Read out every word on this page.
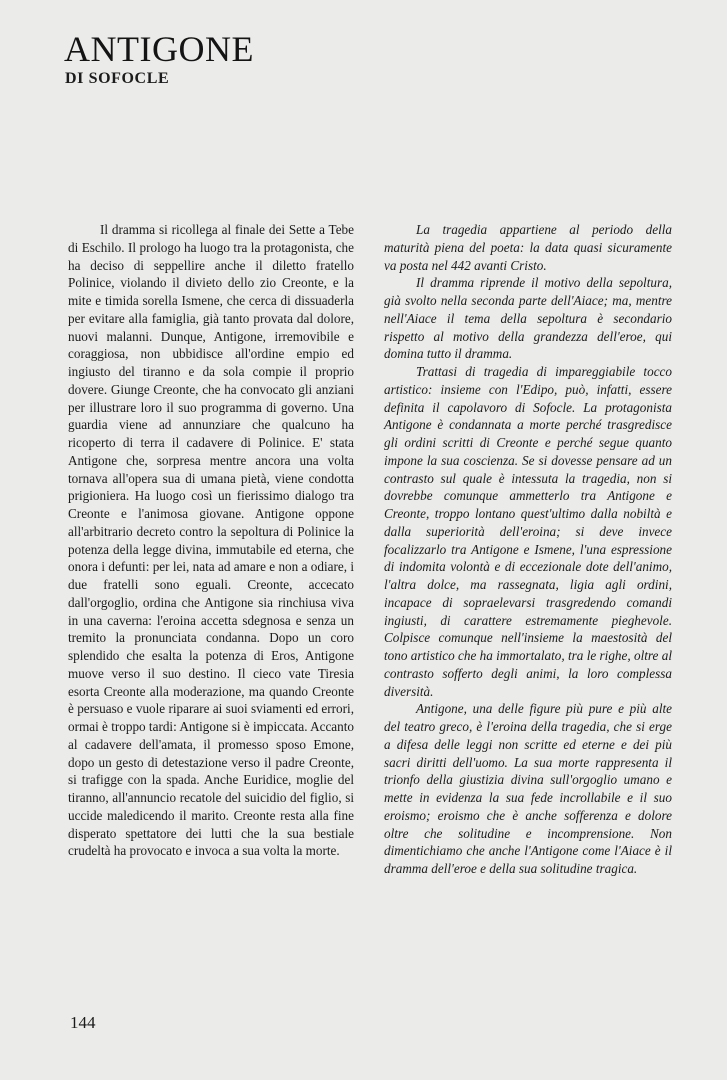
ANTIGONE
DI SOFOCLE

Il dramma si ricollega al finale dei Sette a Tebe di Eschilo. Il prologo ha luogo tra la protagonista, che ha deciso di seppellire anche il diletto fratello Polinice, violando il divieto dello zio Creonte, e la mite e timida sorella Ismene, che cerca di dissuaderla per evitare alla famiglia, già tanto provata dal dolore, nuovi malanni. Dunque, Antigone, irremovibile e coraggiosa, non ubbidisce all'ordine empio ed ingiusto del tiranno e da sola compie il proprio dovere. Giunge Creonte, che ha convocato gli anziani per illustrare loro il suo programma di governo. Una guardia viene ad annunziare che qualcuno ha ricoperto di terra il cadavere di Polinice. E' stata Antigone che, sorpresa mentre ancora una volta tornava all'opera sua di umana pietà, viene condotta prigioniera. Ha luogo così un fierissimo dialogo tra Creonte e l'animosa giovane. Antigone oppone all'arbitrario decreto contro la sepoltura di Polinice la potenza della legge divina, immutabile ed eterna, che onora i defunti: per lei, nata ad amare e non a odiare, i due fratelli sono eguali. Creonte, accecato dall'orgoglio, ordina che Antigone sia rinchiusa viva in una caverna: l'eroina accetta sdegnosa e senza un tremito la pronunciata condanna. Dopo un coro splendido che esalta la potenza di Eros, Antigone muove verso il suo destino. Il cieco vate Tiresia esorta Creonte alla moderazione, ma quando Creonte è persuaso e vuole riparare ai suoi sviamenti ed errori, ormai è troppo tardi: Antigone si è impiccata. Accanto al cadavere dell'amata, il promesso sposo Emone, dopo un gesto di detestazione verso il padre Creonte, si trafigge con la spada. Anche Euridice, moglie del tiranno, all'annuncio recatole del suicidio del figlio, si uccide maledicendo il marito. Creonte resta alla fine disperato spettatore dei lutti che la sua bestiale crudeltà ha provocato e invoca a sua volta la morte.

La tragedia appartiene al periodo della maturità piena del poeta: la data quasi sicuramente va posta nel 442 avanti Cristo.

Il dramma riprende il motivo della sepoltura, già svolto nella seconda parte dell'Aiace; ma, mentre nell'Aiace il tema della sepoltura è secondario rispetto al motivo della grandezza dell'eroe, qui domina tutto il dramma.

Trattasi di tragedia di impareggiabile tocco artistico: insieme con l'Edipo, può, infatti, essere definita il capolavoro di Sofocle. La protagonista Antigone è condannata a morte perché trasgredisce gli ordini scritti di Creonte e perché segue quanto impone la sua coscienza. Se si dovesse pensare ad un contrasto sul quale è intessuta la tragedia, non si dovrebbe comunque ammetterlo tra Antigone e Creonte, troppo lontano quest'ultimo dalla nobiltà e dalla superiorità dell'eroina; si deve invece focalizzarlo tra Antigone e Ismene, l'una espressione di indomita volontà e di eccezionale dote dell'animo, l'altra dolce, ma rassegnata, ligia agli ordini, incapace di sopraelevarsi trasgredendo comandi ingiusti, di carattere estremamente pieghevole. Colpisce comunque nell'insieme la maestosità del tono artistico che ha immortalato, tra le righe, oltre al contrasto sofferto degli animi, la loro complessa diversità.

Antigone, una delle figure più pure e più alte del teatro greco, è l'eroina della tragedia, che si erge a difesa delle leggi non scritte ed eterne e dei più sacri diritti dell'uomo. La sua morte rappresenta il trionfo della giustizia divina sull'orgoglio umano e mette in evidenza la sua fede incrollabile e il suo eroismo; eroismo che è anche sofferenza e dolore oltre che solitudine e incomprensione. Non dimentichiamo che anche l'Antigone come l'Aiace è il dramma dell'eroe e della sua solitudine tragica.

144
